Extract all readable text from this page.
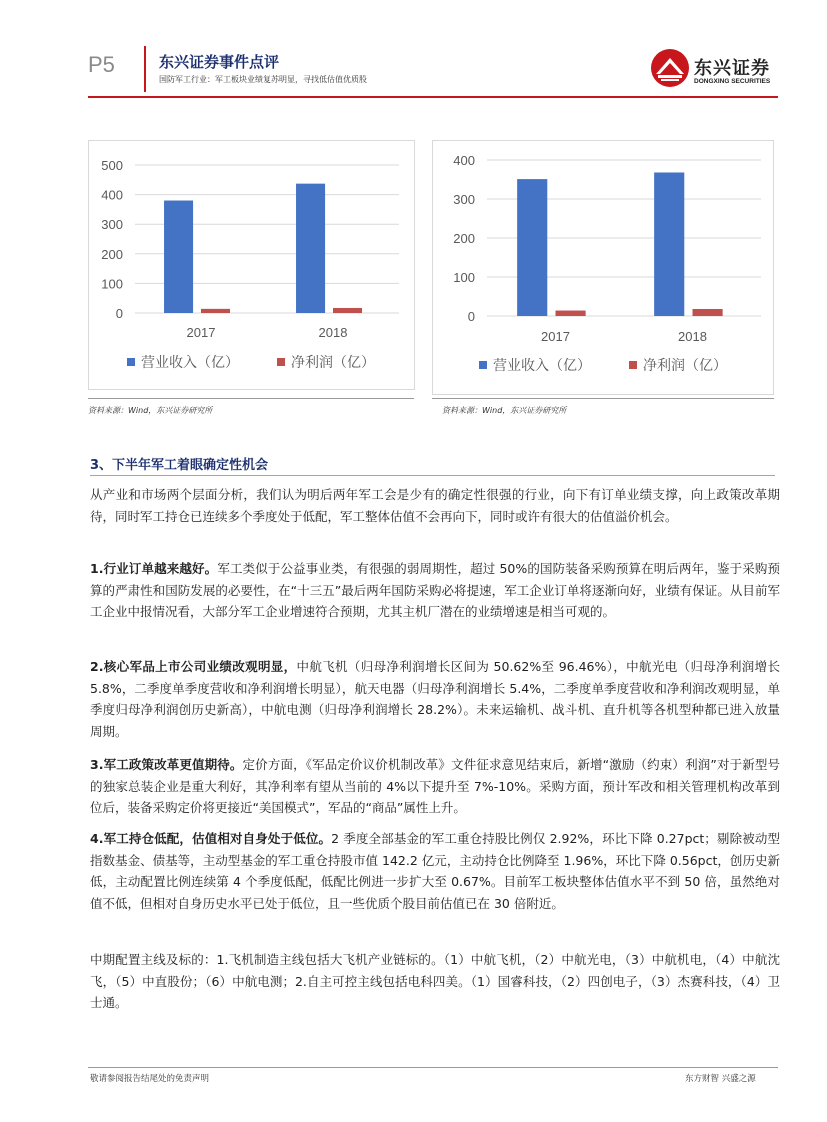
P5	东兴证券事件点评
国防军工行业：军工板块业绩复苏明显，寻找低估值优质股
东兴证券
DONGXING SECURITIES
0
100
200
300
400
500
2017	2018
营业收入（亿）	净利润（亿）
资料来源：Wind，东兴证券研究所
0
100
200
300
400
2017	2018
营业收入（亿）	净利润（亿）
资料来源：Wind，东兴证券研究所
3、下半年军工着眼确定性机会
从产业和市场两个层面分析，我们认为明后两年军工会是少有的确定性很强的行业，向下有订单业绩支撑，向上政策改革期待，同时军工持仓已连续多个季度处于低配，军工整体估值不会再向下，同时或许有很大的估值溢价机会。
1.行业订单越来越好。军工类似于公益事业类，有很强的弱周期性，超过 50%的国防装备采购预算在明后两年，鉴于采购预算的严肃性和国防发展的必要性，在“十三五”最后两年国防采购必将提速，军工企业订单将逐渐向好，业绩有保证。从目前军工企业中报情况看，大部分军工企业增速符合预期，尤其主机厂潜在的业绩增速是相当可观的。
2.核心军品上市公司业绩改观明显，中航飞机（归母净利润增长区间为 50.62%至 96.46%），中航光电（归母净利润增长 5.8%，二季度单季度营收和净利润增长明显），航天电器（归母净利润增长 5.4%，二季度单季度营收和净利润改观明显，单季度归母净利润创历史新高），中航电测（归母净利润增长 28.2%）。未来运输机、战斗机、直升机等各机型种都已进入放量周期。
3.军工政策改革更值期待。定价方面，《军品定价议价机制改革》文件征求意见结束后，新增“激励（约束）利润”对于新型号的独家总装企业是重大利好，其净利率有望从当前的 4%以下提升至 7%-10%。采购方面，预计军改和相关管理机构改革到位后，装备采购定价将更接近“美国模式”，军品的“商品”属性上升。
4.军工持仓低配，估值相对自身处于低位。2 季度全部基金的军工重仓持股比例仅 2.92%，环比下降 0.27pct；剔除被动型指数基金、债基等，主动型基金的军工重仓持股市值 142.2 亿元，主动持仓比例降至 1.96%，环比下降 0.56pct，创历史新低，主动配置比例连续第 4 个季度低配，低配比例进一步扩大至 0.67%。目前军工板块整体估值水平不到 50 倍，虽然绝对值不低，但相对自身历史水平已处于低位，且一些优质个股目前估值已在 30 倍附近。
中期配置主线及标的：1.飞机制造主线包括大飞机产业链标的。（1）中航飞机，（2）中航光电，（3）中航机电，（4）中航沈飞，（5）中直股份；（6）中航电测；2.自主可控主线包括电科四美。（1）国睿科技，（2）四创电子，（3）杰赛科技，（4）卫士通。
敬请参阅报告结尾处的免责声明	东方财智 兴盛之源
